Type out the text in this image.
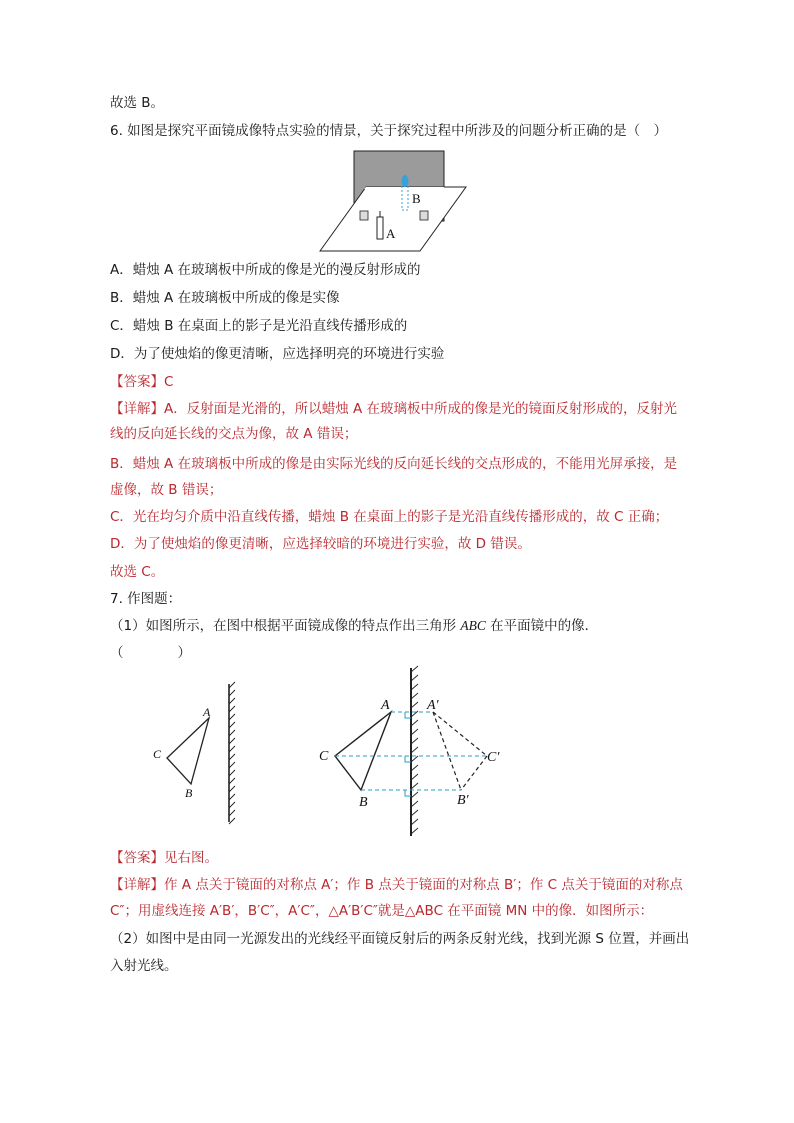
故选 B。
6. 如图是探究平面镜成像特点实验的情景，关于探究过程中所涉及的问题分析正确的是（　）
B
A
A．蜡烛 A 在玻璃板中所成的像是光的漫反射形成的
B．蜡烛 A 在玻璃板中所成的像是实像
C．蜡烛 B 在桌面上的影子是光沿直线传播形成的
D．为了使烛焰的像更清晰，应选择明亮的环境进行实验
【答案】C
【详解】A．反射面是光滑的，所以蜡烛 A 在玻璃板中所成的像是光的镜面反射形成的，反射光
线的反向延长线的交点为像，故 A 错误；
B．蜡烛 A 在玻璃板中所成的像是由实际光线的反向延长线的交点形成的，不能用光屏承接，是
虚像，故 B 错误；
C．光在均匀介质中沿直线传播，蜡烛 B 在桌面上的影子是光沿直线传播形成的，故 C 正确；
D．为了使烛焰的像更清晰，应选择较暗的环境进行实验，故 D 错误。
故选 C。
7. 作图题：
（1）如图所示，在图中根据平面镜成像的特点作出三角形 ABC 在平面镜中的像．
（　　　　）
A
C
B
A
C
B
A′
C′
B′
【答案】见右图。
【详解】作 A 点关于镜面的对称点 A′；作 B 点关于镜面的对称点 B′；作 C 点关于镜面的对称点
C″；用虚线连接 A′B′，B′C″，A′C″，△A′B′C″就是△ABC 在平面镜 MN 中的像．如图所示：
（2）如图中是由同一光源发出的光线经平面镜反射后的两条反射光线，找到光源 S 位置，并画出
入射光线。
